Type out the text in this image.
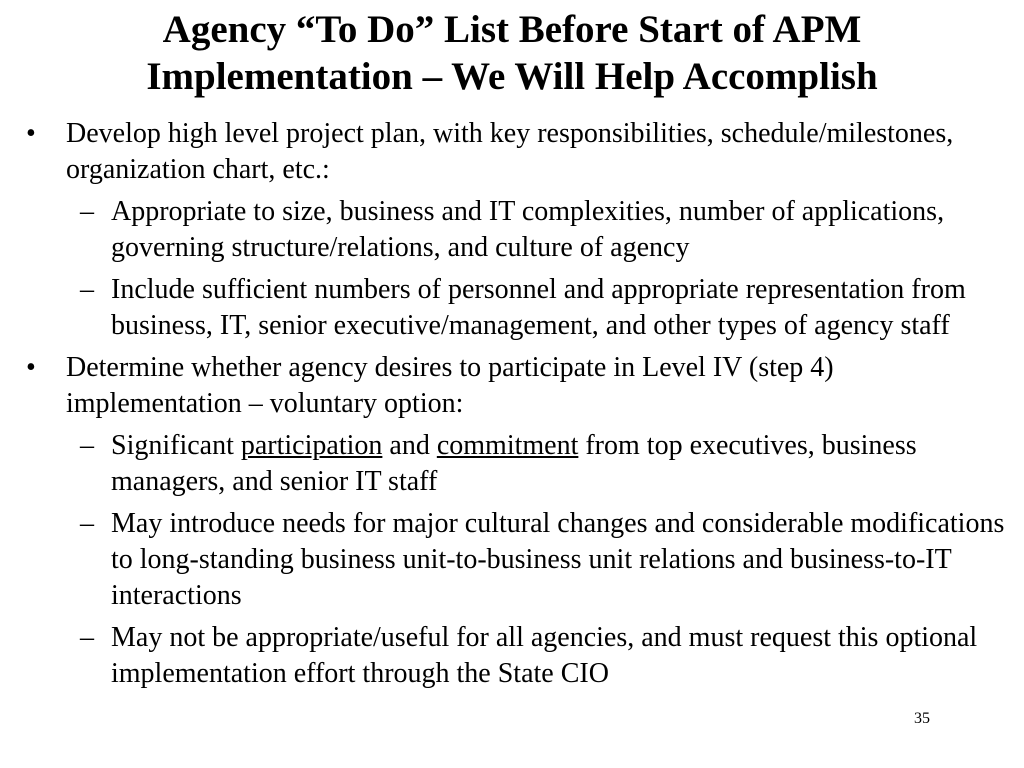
Agency “To Do” List Before Start of APM
Implementation – We Will Help Accomplish
• Develop high level project plan, with key responsibilities, schedule/milestones, organization chart, etc.:
– Appropriate to size, business and IT complexities, number of applications, governing structure/relations, and culture of agency
– Include sufficient numbers of personnel and appropriate representation from business, IT, senior executive/management, and other types of agency staff
• Determine whether agency desires to participate in Level IV (step 4) implementation – voluntary option:
– Significant participation and commitment from top executives, business managers, and senior IT staff
– May introduce needs for major cultural changes and considerable modifications to long-standing business unit-to-business unit relations and business-to-IT interactions
– May not be appropriate/useful for all agencies, and must request this optional implementation effort through the State CIO
35
